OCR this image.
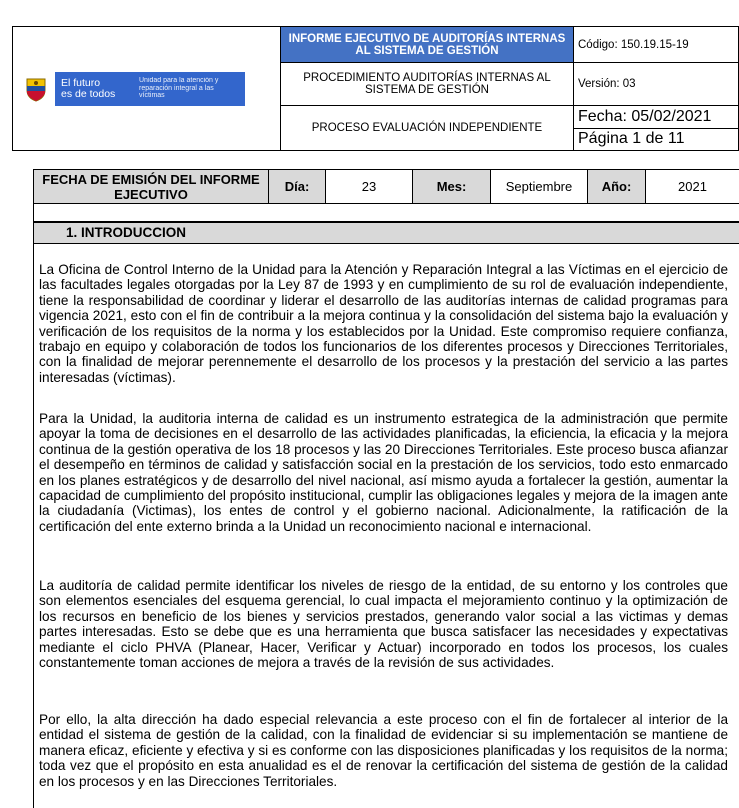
El futuro
es de todos
Unidad para la atención y reparación integral a las víctimas	INFORME EJECUTIVO DE AUDITORÍAS INTERNAS AL SISTEMA DE GESTIÓN	Código: 150.19.15-19
	PROCEDIMIENTO AUDITORÍAS INTERNAS AL SISTEMA DE GESTIÓN	Versión: 03
	PROCESO EVALUACIÓN INDEPENDIENTE	Fecha: 05/02/2021
Página 1 de 11
FECHA DE EMISIÓN DEL INFORME EJECUTIVO	Día:	23	Mes:	Septiembre	Año:	2021
1. INTRODUCCION

La Oficina de Control Interno de la Unidad para la Atención y Reparación Integral a las Víctimas en el ejercicio de las facultades legales otorgadas por la Ley 87 de 1993 y en cumplimiento de su rol de evaluación independiente, tiene la responsabilidad de coordinar y liderar el desarrollo de las auditorías internas de calidad programas para vigencia 2021, esto con el fin de contribuir a la mejora continua y la consolidación del sistema bajo la evaluación y verificación de los requisitos de la norma y los establecidos por la Unidad. Este compromiso requiere confianza, trabajo en equipo y colaboración de todos los funcionarios de los diferentes procesos y Direcciones Territoriales, con la finalidad de mejorar perennemente el desarrollo de los procesos y la prestación del servicio a las partes interesadas (víctimas).

Para la Unidad, la auditoria interna de calidad es un instrumento estrategica de la administración que permite apoyar la toma de decisiones en el desarrollo de las actividades planificadas, la eficiencia, la eficacia y la mejora continua de la gestión operativa de los 18 procesos y las 20 Direcciones Territoriales. Este proceso busca afianzar el desempeño en términos de calidad y satisfacción social en la prestación de los servicios, todo esto enmarcado en los planes estratégicos y de desarrollo del nivel nacional, así mismo ayuda a fortalecer la gestión, aumentar la capacidad de cumplimiento del propósito institucional, cumplir las obligaciones legales y mejora de la imagen ante la ciudadanía (Victimas), los entes de control y el gobierno nacional. Adicionalmente, la ratificación de la certificación del ente externo brinda a la Unidad un reconocimiento nacional e internacional.

La auditoría de calidad permite identificar los niveles de riesgo de la entidad, de su entorno y los controles que son elementos esenciales del esquema gerencial, lo cual impacta el mejoramiento continuo y la optimización de los recursos en beneficio de los bienes y servicios prestados, generando valor social a las victimas y demas partes interesadas. Esto se debe que es una herramienta que busca satisfacer las necesidades y expectativas mediante el ciclo PHVA (Planear, Hacer, Verificar y Actuar) incorporado en todos los procesos, los cuales constantemente toman acciones de mejora a través de la revisión de sus actividades.

Por ello, la alta dirección ha dado especial relevancia a este proceso con el fin de fortalecer al interior de la entidad el sistema de gestión de la calidad, con la finalidad de evidenciar si su implementación se mantiene de manera eficaz, eficiente y efectiva y si es conforme con las disposiciones planificadas y los requisitos de la norma; toda vez que el propósito en esta anualidad es el de renovar la certificación del sistema de gestión de la calidad en los procesos y en las Direcciones Territoriales.
